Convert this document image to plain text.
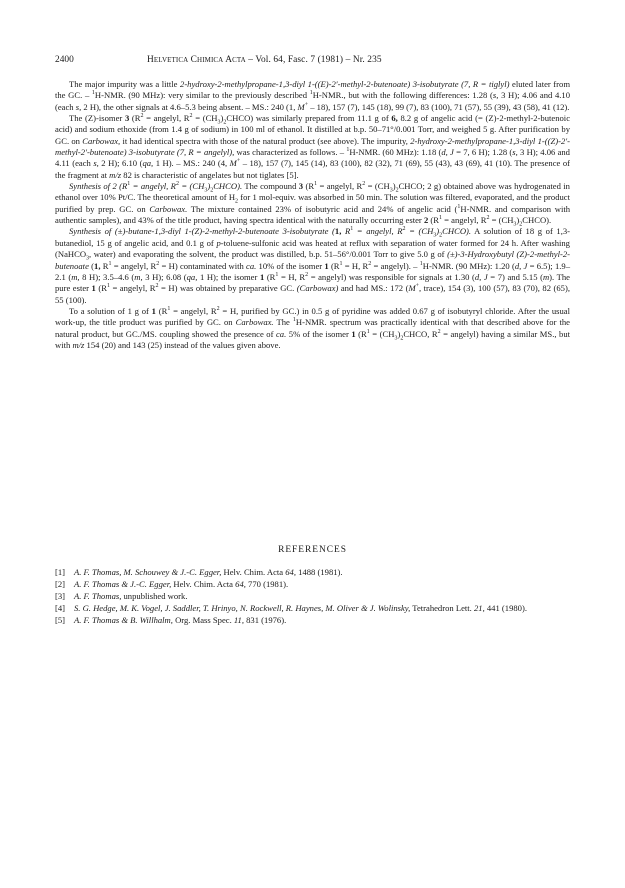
2400	Helvetica Chimica Acta – Vol. 64, Fasc. 7 (1981) – Nr. 235

The major impurity was a little 2-hydroxy-2-methylpropane-1,3-diyl 1-((E)-2′-methyl-2-butenoate) 3-isobutyrate (7, R = tiglyl) eluted later from the GC. – $^1$H-NMR. (90 MHz): very similar to the previously described $^1$H-NMR., but with the following differences: 1.28 (s, 3 H); 4.06 and 4.10 (each s, 2 H), the other signals at 4.6–5.3 being absent. – MS.: 240 (1, M+ – 18), 157 (7), 145 (18), 99 (7), 83 (100), 71 (57), 55 (39), 43 (58), 41 (12).

The (Z)-isomer 3 ($R^2$ = angelyl, $R^2$ = $(CH_3)_2CHCO$) was similarly prepared from 11.1 g of 6, 8.2 g of angelic acid (= (Z)-2-methyl-2-butenoic acid) and sodium ethoxide (from 1.4 g of sodium) in 100 ml of ethanol. It distilled at b.p. 50–71°/0.001 Torr, and weighed 5 g. After purification by GC. on Carbowax, it had identical spectra with those of the natural product (see above). The impurity, 2-hydroxy-2-methylpropane-1,3-diyl 1-((Z)-2′-methyl-2′-butenoate) 3-isobutyrate (7, R = angelyl), was characterized as follows. – $^1$H-NMR. (60 MHz): 1.18 (d, J = 7, 6 H); 1.28 (s, 3 H); 4.06 and 4.11 (each s, 2 H); 6.10 (qa, 1 H). – MS.: 240 (4, M+ – 18), 157 (7), 145 (14), 83 (100), 82 (32), 71 (69), 55 (43), 43 (69), 41 (10). The presence of the fragment at m/z 82 is characteristic of angelates but not tiglates [5].

Synthesis of 2 ($R^1$ = angelyl, $R^2$ = $(CH_3)_2CHCO$). The compound 3 ($R^1$ = angelyl, $R^2$ = $(CH_3)_2CHCO$; 2 g) obtained above was hydrogenated in ethanol over 10% Pt/C. The theoretical amount of $H_2$ for 1 mol-equiv. was absorbed in 50 min. The solution was filtered, evaporated, and the product purified by prep. GC. on Carbowax. The mixture contained 23% of isobutyric acid and 24% of angelic acid ($^1$H-NMR. and comparison with authentic samples), and 43% of the title product, having spectra identical with the naturally occurring ester 2 ($R^1$ = angelyl, $R^2$ = $(CH_3)_2CHCO$).

Synthesis of (±)-butane-1,3-diyl 1-(Z)-2-methyl-2-butenoate 3-isobutyrate (1, $R^1$ = angelyl, $R^2$ = $(CH_3)_2CHCO$). A solution of 18 g of 1,3-butanediol, 15 g of angelic acid, and 0.1 g of p-toluene-sulfonic acid was heated at reflux with separation of water formed for 24 h. After washing (NaHCO$_3$, water) and evaporating the solvent, the product was distilled, b.p. 51–56°/0.001 Torr to give 5.0 g of (±)-3-Hydroxybutyl (Z)-2-methyl-2-butenoate (1, $R^1$ = angelyl, $R^2 = H$) contaminated with ca. 10% of the isomer 1 ($R^1 = H$, $R^2$ = angelyl). – $^1$H-NMR. (90 MHz): 1.20 (d, J = 6.5); 1.9–2.1 (m, 8 H); 3.5–4.6 (m, 3 H); 6.08 (qa, 1 H); the isomer 1 ($R^1 = H$, $R^2$ = angelyl) was responsible for signals at 1.30 (d, J = 7) and 5.15 (m). The pure ester 1 ($R^1$ = angelyl, $R^2 = H$) was obtained by preparative GC. (Carbowax) and had MS.: 172 (M+, trace), 154 (3), 100 (57), 83 (70), 82 (65), 55 (100).

To a solution of 1 g of 1 ($R^1$ = angelyl, $R^2 = H$, purified by GC.) in 0.5 g of pyridine was added 0.67 g of isobutyryl chloride. After the usual work-up, the title product was purified by GC. on Carbowax. The $^1$H-NMR. spectrum was practically identical with that described above for the natural product, but GC./MS. coupling showed the presence of ca. 5% of the isomer 1 ($R^1$ = $(CH_3)_2CHCO$, $R^2$ = angelyl) having a similar MS., but with m/z 154 (20) and 143 (25) instead of the values given above.

REFERENCES
[1] A. F. Thomas, M. Schouwey & J.-C. Egger, Helv. Chim. Acta 64, 1488 (1981).
[2] A. F. Thomas & J.-C. Egger, Helv. Chim. Acta 64, 770 (1981).
[3] A. F. Thomas, unpublished work.
[4] S. G. Hedge, M. K. Vogel, J. Saddler, T. Hrinyo, N. Rockwell, R. Haynes, M. Oliver & J. Wolinsky, Tetrahedron Lett. 21, 441 (1980).
[5] A. F. Thomas & B. Willhalm, Org. Mass Spec. 11, 831 (1976).
